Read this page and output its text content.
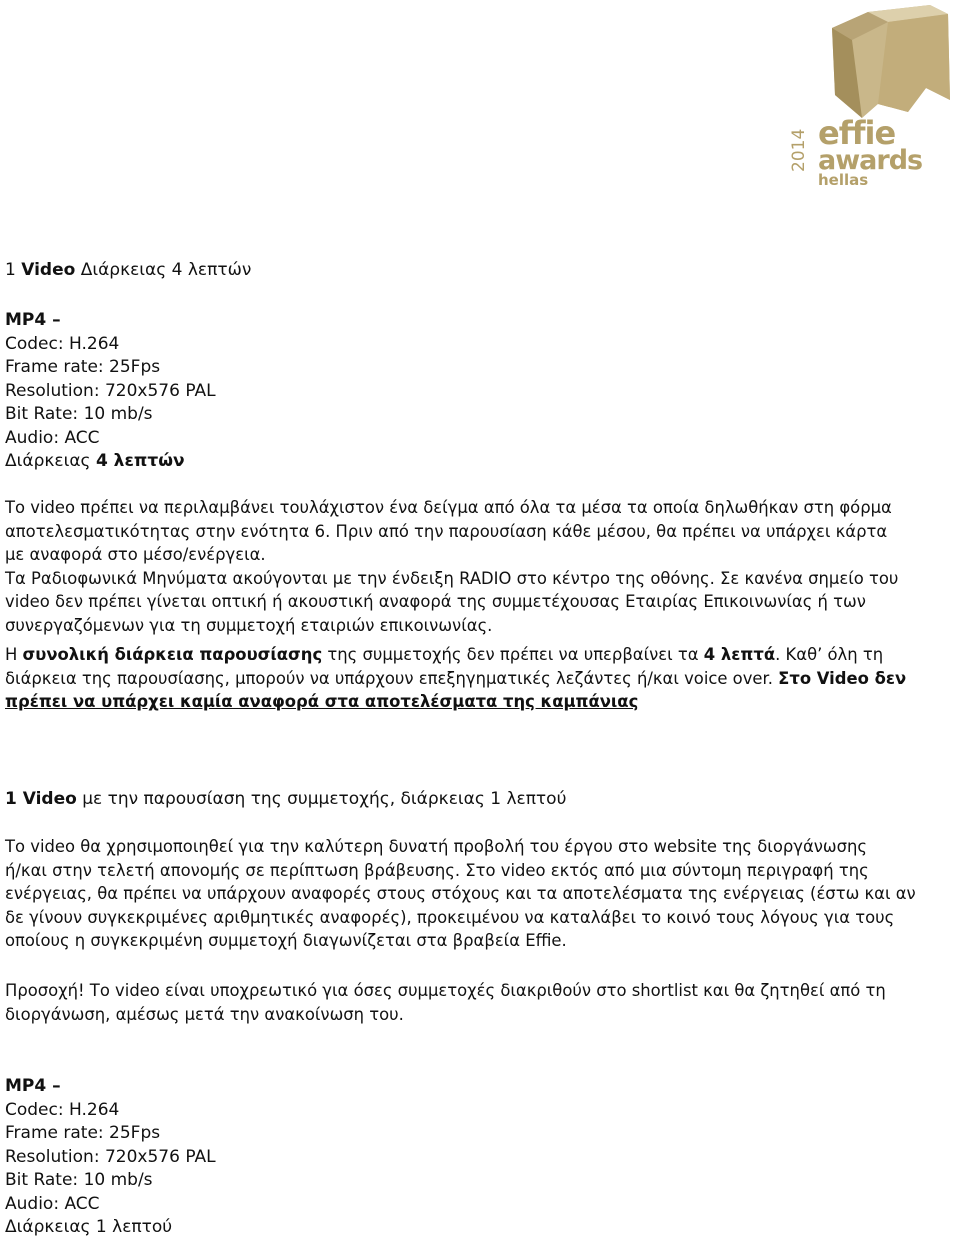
2014 effie
awards
hellas
1 Video Διάρκειας 4 λεπτών
MP4 –
Codec: H.264
Frame rate: 25Fps
Resolution: 720x576 PAL
Bit Rate: 10 mb/s
Audio: ACC
Διάρκειας 4 λεπτών
Το video πρέπει να περιλαμβάνει τουλάχιστον ένα δείγμα από όλα τα μέσα τα οποία δηλωθήκαν στη φόρμα
αποτελεσματικότητας στην ενότητα 6. Πριν από την παρουσίαση κάθε μέσου, θα πρέπει να υπάρχει κάρτα
με αναφορά στο μέσο/ενέργεια.
Τα Ραδιοφωνικά Μηνύματα ακούγονται με την ένδειξη RADIO στο κέντρο της οθόνης. Σε κανένα σημείο του
video δεν πρέπει γίνεται οπτική ή ακουστική αναφορά της συμμετέχουσας Εταιρίας Επικοινωνίας ή των
συνεργαζόμενων για τη συμμετοχή εταιριών επικοινωνίας.
Η συνολική διάρκεια παρουσίασης της συμμετοχής δεν πρέπει να υπερβαίνει τα 4 λεπτά. Καθ’ όλη τη
διάρκεια της παρουσίασης, μπορούν να υπάρχουν επεξηγηματικές λεζάντες ή/και voice over. Στο Video δεν
πρέπει να υπάρχει καμία αναφορά στα αποτελέσματα της καμπάνιας
1 Video με την παρουσίαση της συμμετοχής, διάρκειας 1 λεπτού
Το video θα χρησιμοποιηθεί για την καλύτερη δυνατή προβολή του έργου στο website της διοργάνωσης
ή/και στην τελετή απονομής σε περίπτωση βράβευσης. Στο video εκτός από μια σύντομη περιγραφή της
ενέργειας, θα πρέπει να υπάρχουν αναφορές στους στόχους και τα αποτελέσματα της ενέργειας (έστω και αν
δε γίνουν συγκεκριμένες αριθμητικές αναφορές), προκειμένου να καταλάβει το κοινό τους λόγους για τους
οποίους η συγκεκριμένη συμμετοχή διαγωνίζεται στα βραβεία Effie.
Προσοχή! Το video είναι υποχρεωτικό για όσες συμμετοχές διακριθούν στο shortlist και θα ζητηθεί από τη
διοργάνωση, αμέσως μετά την ανακοίνωση του.
MP4 –
Codec: H.264
Frame rate: 25Fps
Resolution: 720x576 PAL
Bit Rate: 10 mb/s
Audio: ACC
Διάρκειας 1 λεπτού
